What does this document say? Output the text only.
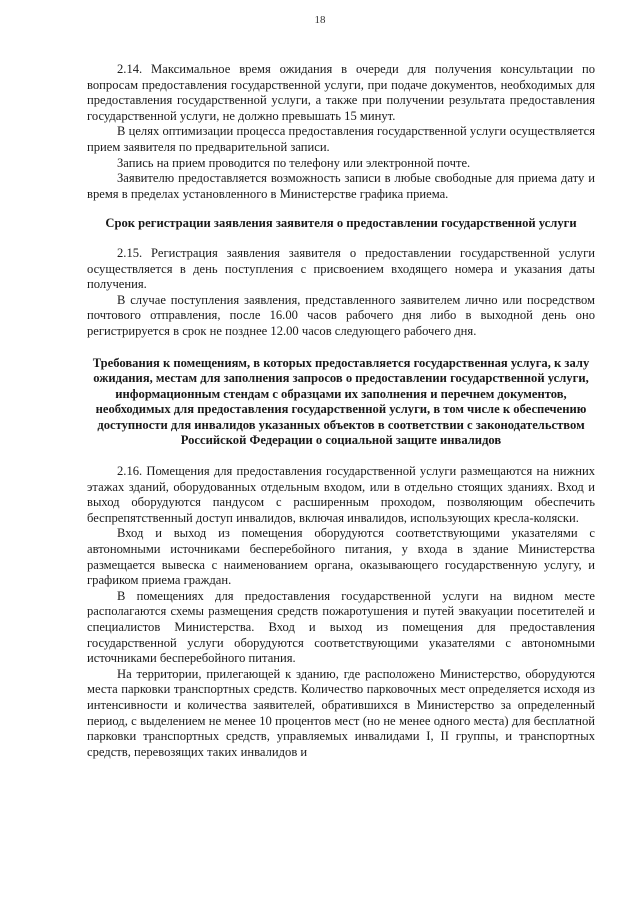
18

2.14. Максимальное время ожидания в очереди для получения консультации по вопросам предоставления государственной услуги, при подаче документов, необходимых для предоставления государственной услуги, а также при получении результата предоставления государственной услуги, не должно превышать 15 минут.

В целях оптимизации процесса предоставления государственной услуги осуществляется прием заявителя по предварительной записи.

Запись на прием проводится по телефону или электронной почте.

Заявителю предоставляется возможность записи в любые свободные для приема дату и время в пределах установленного в Министерстве графика приема.

Срок регистрации заявления заявителя о предоставлении государственной услуги

2.15. Регистрация заявления заявителя о предоставлении государственной услуги осуществляется в день поступления с присвоением входящего номера и указания даты получения.

В случае поступления заявления, представленного заявителем лично или посредством почтового отправления, после 16.00 часов рабочего дня либо в выходной день оно регистрируется в срок не позднее 12.00 часов следующего рабочего дня.

Требования к помещениям, в которых предоставляется государственная услуга, к залу ожидания, местам для заполнения запросов о предоставлении государственной услуги, информационным стендам с образцами их заполнения и перечнем документов, необходимых для предоставления государственной услуги, в том числе к обеспечению доступности для инвалидов указанных объектов в соответствии с законодательством Российской Федерации о социальной защите инвалидов

2.16. Помещения для предоставления государственной услуги размещаются на нижних этажах зданий, оборудованных отдельным входом, или в отдельно стоящих зданиях. Вход и выход оборудуются пандусом с расширенным проходом, позволяющим обеспечить беспрепятственный доступ инвалидов, включая инвалидов, использующих кресла-коляски.

Вход и выход из помещения оборудуются соответствующими указателями с автономными источниками бесперебойного питания, у входа в здание Министерства размещается вывеска с наименованием органа, оказывающего государственную услугу, и графиком приема граждан.

В помещениях для предоставления государственной услуги на видном месте располагаются схемы размещения средств пожаротушения и путей эвакуации посетителей и специалистов Министерства. Вход и выход из помещения для предоставления государственной услуги оборудуются соответствующими указателями с автономными источниками бесперебойного питания.

На территории, прилегающей к зданию, где расположено Министерство, оборудуются места парковки транспортных средств. Количество парковочных мест определяется исходя из интенсивности и количества заявителей, обратившихся в Министерство за определенный период, с выделением не менее 10 процентов мест (но не менее одного места) для бесплатной парковки транспортных средств, управляемых инвалидами I, II группы, и транспортных средств, перевозящих таких инвалидов и
